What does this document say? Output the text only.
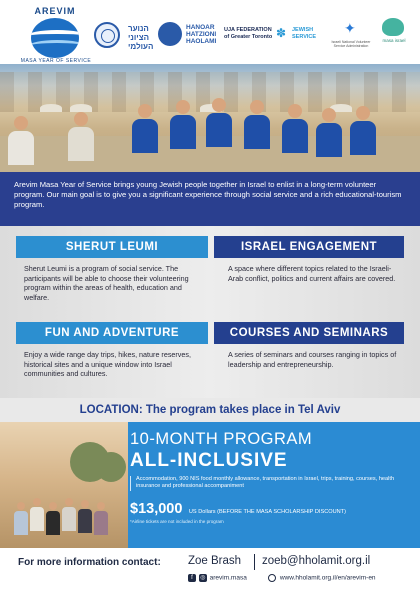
AREVIM
MASA YEAR OF SERVICE
הנוער
הציוני
העולמי
HANOAR
HATZIONI
HAOLAMI
UJA FEDERATION
of Greater Toronto ✽ JEWISH
SERVICE
✦
Israeli National Volunteer Service Administration
masa israel
Arevim Masa Year of Service brings young Jewish people together in Israel to enlist in a long-term volunteer program. Our main goal is to give you a significant experience through social service and a rich educational-tourism program.
SHERUT LEUMI
Sherut Leumi is a program of social service. The participants will be able to choose their volunteering program within the areas of health, education and welfare.
ISRAEL ENGAGEMENT
A space where different topics related to the Israeli-Arab conflict, politics and current affairs are covered.
FUN AND ADVENTURE
Enjoy a wide range day trips, hikes, nature reserves, historical sites and a unique window into Israel communities and cultures.
COURSES AND SEMINARS
A series of seminars and courses ranging in topics of leadership and entrepreneurship.
LOCATION: The program takes place in Tel Aviv
10-MONTH PROGRAM
ALL-INCLUSIVE
Accommodation, 900 NIS food monthly allowance, transportation in Israel, trips, training, courses, health insurance and professional accompaniment
$13,000 US Dollars (BEFORE THE MASA SCHOLARSHIP DISCOUNT)
*Airline tickets are not included in the program
For more information contact: Zoe Brash zoeb@hholamit.org.il
f ◎ arevim.masa	www.hholamit.org.il/en/arevim-en
